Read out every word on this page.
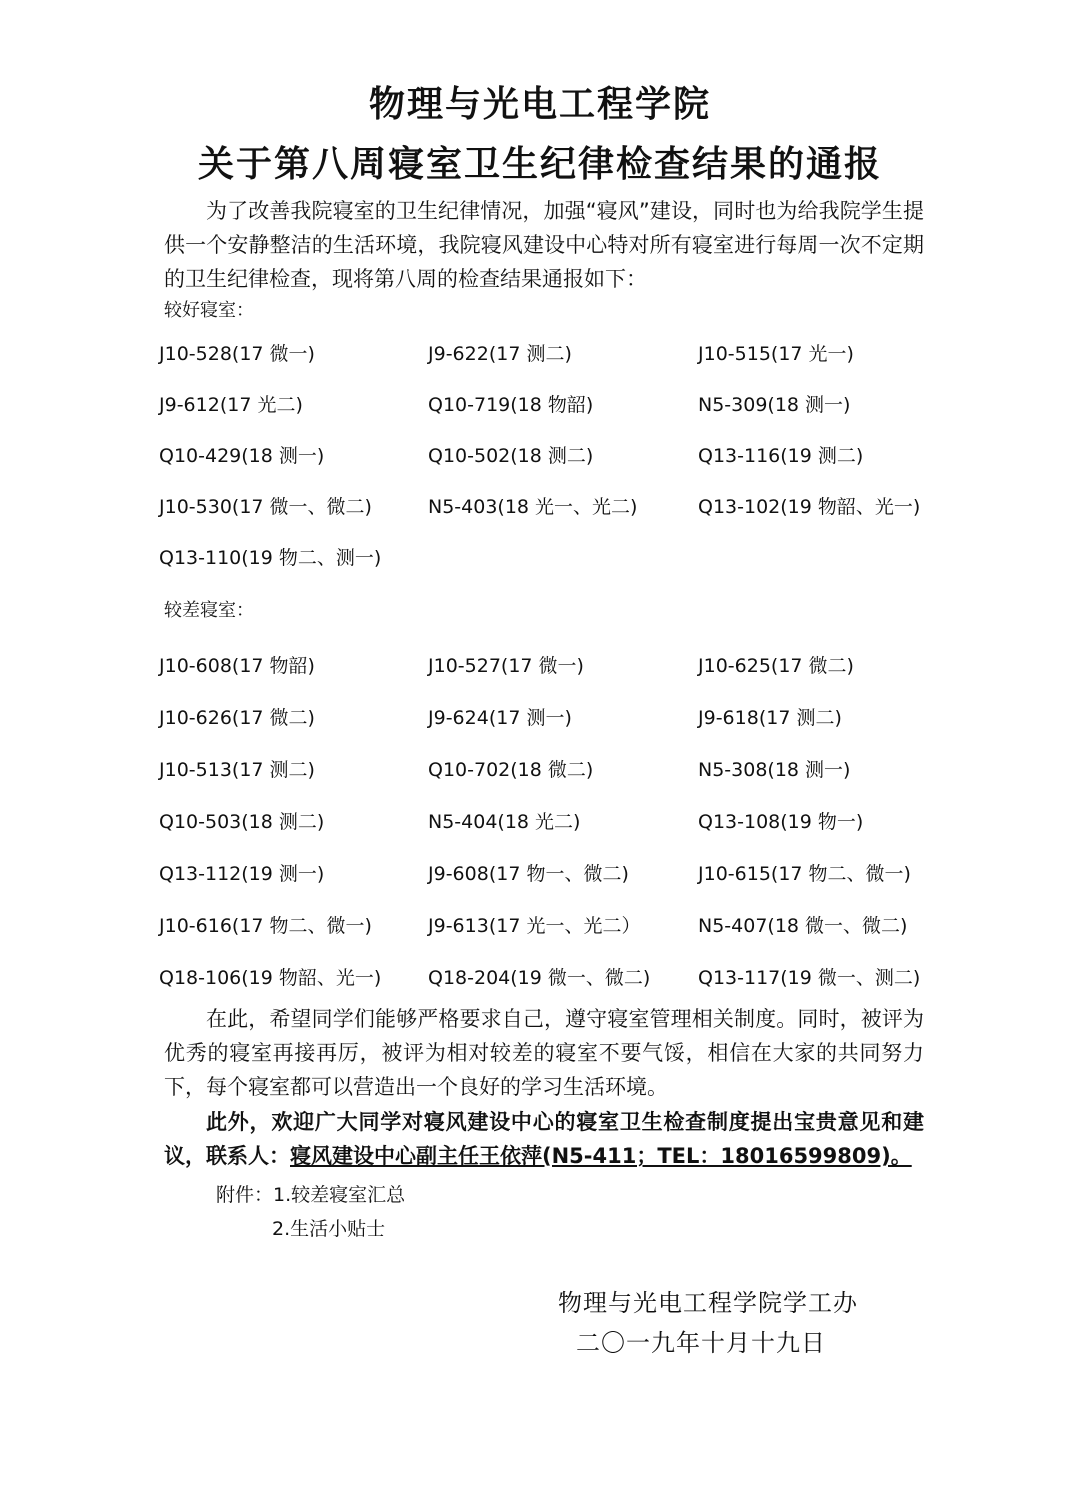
物理与光电工程学院
关于第八周寝室卫生纪律检查结果的通报

为了改善我院寝室的卫生纪律情况，加强“寝风”建设，同时也为给我院学生提供一个安静整洁的生活环境，我院寝风建设中心特对所有寝室进行每周一次不定期的卫生纪律检查，现将第八周的检查结果通报如下：

较好寝室：

J10-528(17 微一)	J9-622(17 测二)	J10-515(17 光一)
J9-612(17 光二)	Q10-719(18 物韶)	N5-309(18 测一)
Q10-429(18 测一)	Q10-502(18 测二)	Q13-116(19 测二)
J10-530(17 微一、微二)	N5-403(18 光一、光二)	Q13-102(19 物韶、光一)
Q13-110(19 物二、测一)

较差寝室：

J10-608(17 物韶)	J10-527(17 微一)	J10-625(17 微二)
J10-626(17 微二)	J9-624(17 测一)	J9-618(17 测二)
J10-513(17 测二)	Q10-702(18 微二)	N5-308(18 测一)
Q10-503(18 测二)	N5-404(18 光二)	Q13-108(19 物一)
Q13-112(19 测一)	J9-608(17 物一、微二)	J10-615(17 物二、微一)
J10-616(17 物二、微一)	J9-613(17 光一、光二）	N5-407(18 微一、微二)
Q18-106(19 物韶、光一) Q18-204(19 微一、微二)	Q13-117(19 微一、测二)

在此，希望同学们能够严格要求自己，遵守寝室管理相关制度。同时，被评为优秀的寝室再接再厉，被评为相对较差的寝室不要气馁，相信在大家的共同努力下，每个寝室都可以营造出一个良好的学习生活环境。

此外，欢迎广大同学对寝风建设中心的寝室卫生检查制度提出宝贵意见和建议，联系人：寝风建设中心副主任王依萍(N5-411；TEL：18016599809)。

附件：1.较差寝室汇总

2.生活小贴士

物理与光电工程学院学工办

二〇一九年十月十九日
